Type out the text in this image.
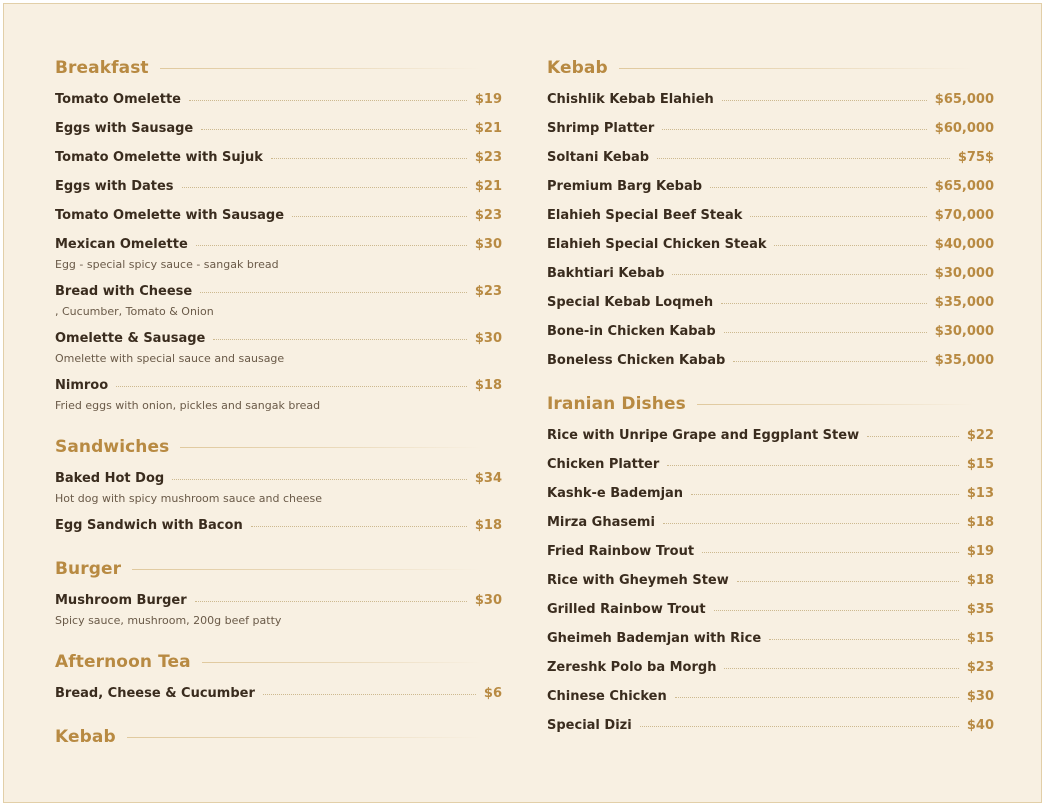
Breakfast
Tomato Omelette	$19
Eggs with Sausage	$21
Tomato Omelette with Sujuk	$23
Eggs with Dates	$21
Tomato Omelette with Sausage	$23
Mexican Omelette	$30
Egg - special spicy sauce - sangak bread
Bread with Cheese	$23
, Cucumber, Tomato & Onion
Omelette & Sausage	$30
Omelette with special sauce and sausage
Nimroo	$18
Fried eggs with onion, pickles and sangak bread
Sandwiches
Baked Hot Dog	$34
Hot dog with spicy mushroom sauce and cheese
Egg Sandwich with Bacon	$18
Burger
Mushroom Burger	$30
Spicy sauce, mushroom, 200g beef patty
Afternoon Tea
Bread, Cheese & Cucumber	$6
Kebab
Kebab
Chishlik Kebab Elahieh	$65,000
Shrimp Platter	$60,000
Soltani Kebab	$75$
Premium Barg Kebab	$65,000
Elahieh Special Beef Steak	$70,000
Elahieh Special Chicken Steak	$40,000
Bakhtiari Kebab	$30,000
Special Kebab Loqmeh	$35,000
Bone-in Chicken Kabab	$30,000
Boneless Chicken Kabab	$35,000
Iranian Dishes
Rice with Unripe Grape and Eggplant Stew	$22
Chicken Platter	$15
Kashk-e Bademjan	$13
Mirza Ghasemi	$18
Fried Rainbow Trout	$19
Rice with Gheymeh Stew	$18
Grilled Rainbow Trout	$35
Gheimeh Bademjan with Rice	$15
Zereshk Polo ba Morgh	$23
Chinese Chicken	$30
Special Dizi	$40
